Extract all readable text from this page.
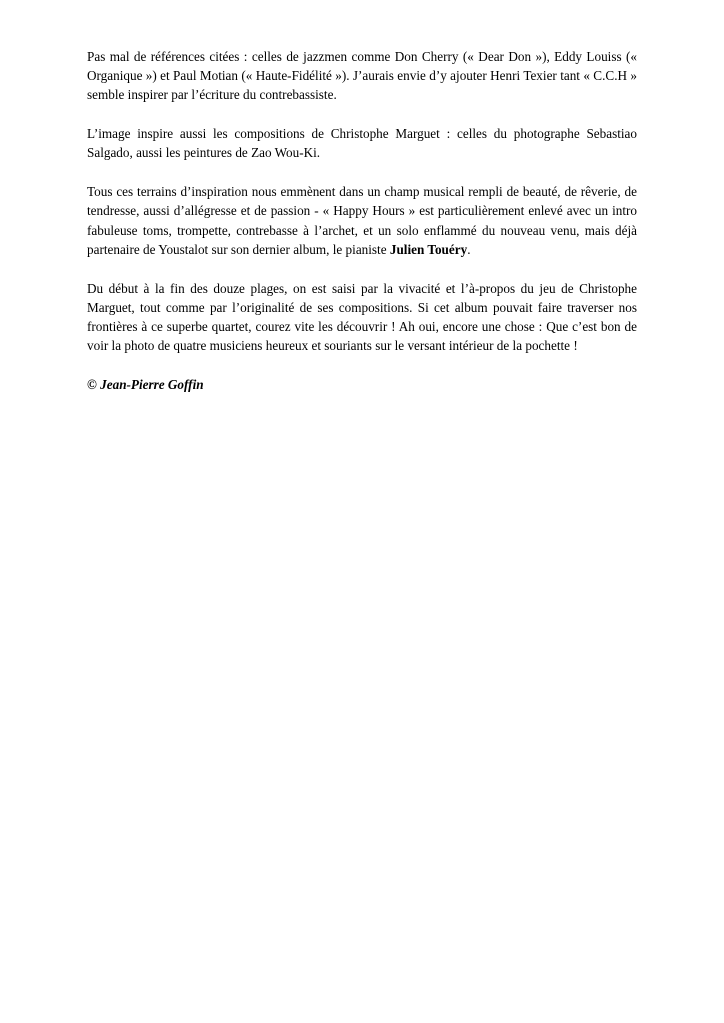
Pas mal de références citées : celles de jazzmen comme Don Cherry (« Dear Don »), Eddy Louiss (« Organique ») et Paul Motian (« Haute-Fidélité »). J’aurais envie d’y ajouter Henri Texier tant « C.C.H » semble inspirer par l’écriture du contrebassiste.

L’image inspire aussi les compositions de Christophe Marguet : celles du photographe Sebastiao Salgado, aussi les peintures de Zao Wou-Ki.

Tous ces terrains d’inspiration nous emmènent dans un champ musical rempli de beauté, de rêverie, de tendresse, aussi d’allégresse et de passion - « Happy Hours » est particulièrement enlevé avec un intro fabuleuse toms, trompette, contrebasse à l’archet, et un solo enflammé du nouveau venu, mais déjà partenaire de Youstalot sur son dernier album, le pianiste Julien Touéry.

Du début à la fin des douze plages, on est saisi par la vivacité et l’à-propos du jeu de Christophe Marguet, tout comme par l’originalité de ses compositions. Si cet album pouvait faire traverser nos frontières à ce superbe quartet, courez vite les découvrir ! Ah oui, encore une chose : Que c’est bon de voir la photo de quatre musiciens heureux et souriants sur le versant intérieur de la pochette !

© Jean-Pierre Goffin
